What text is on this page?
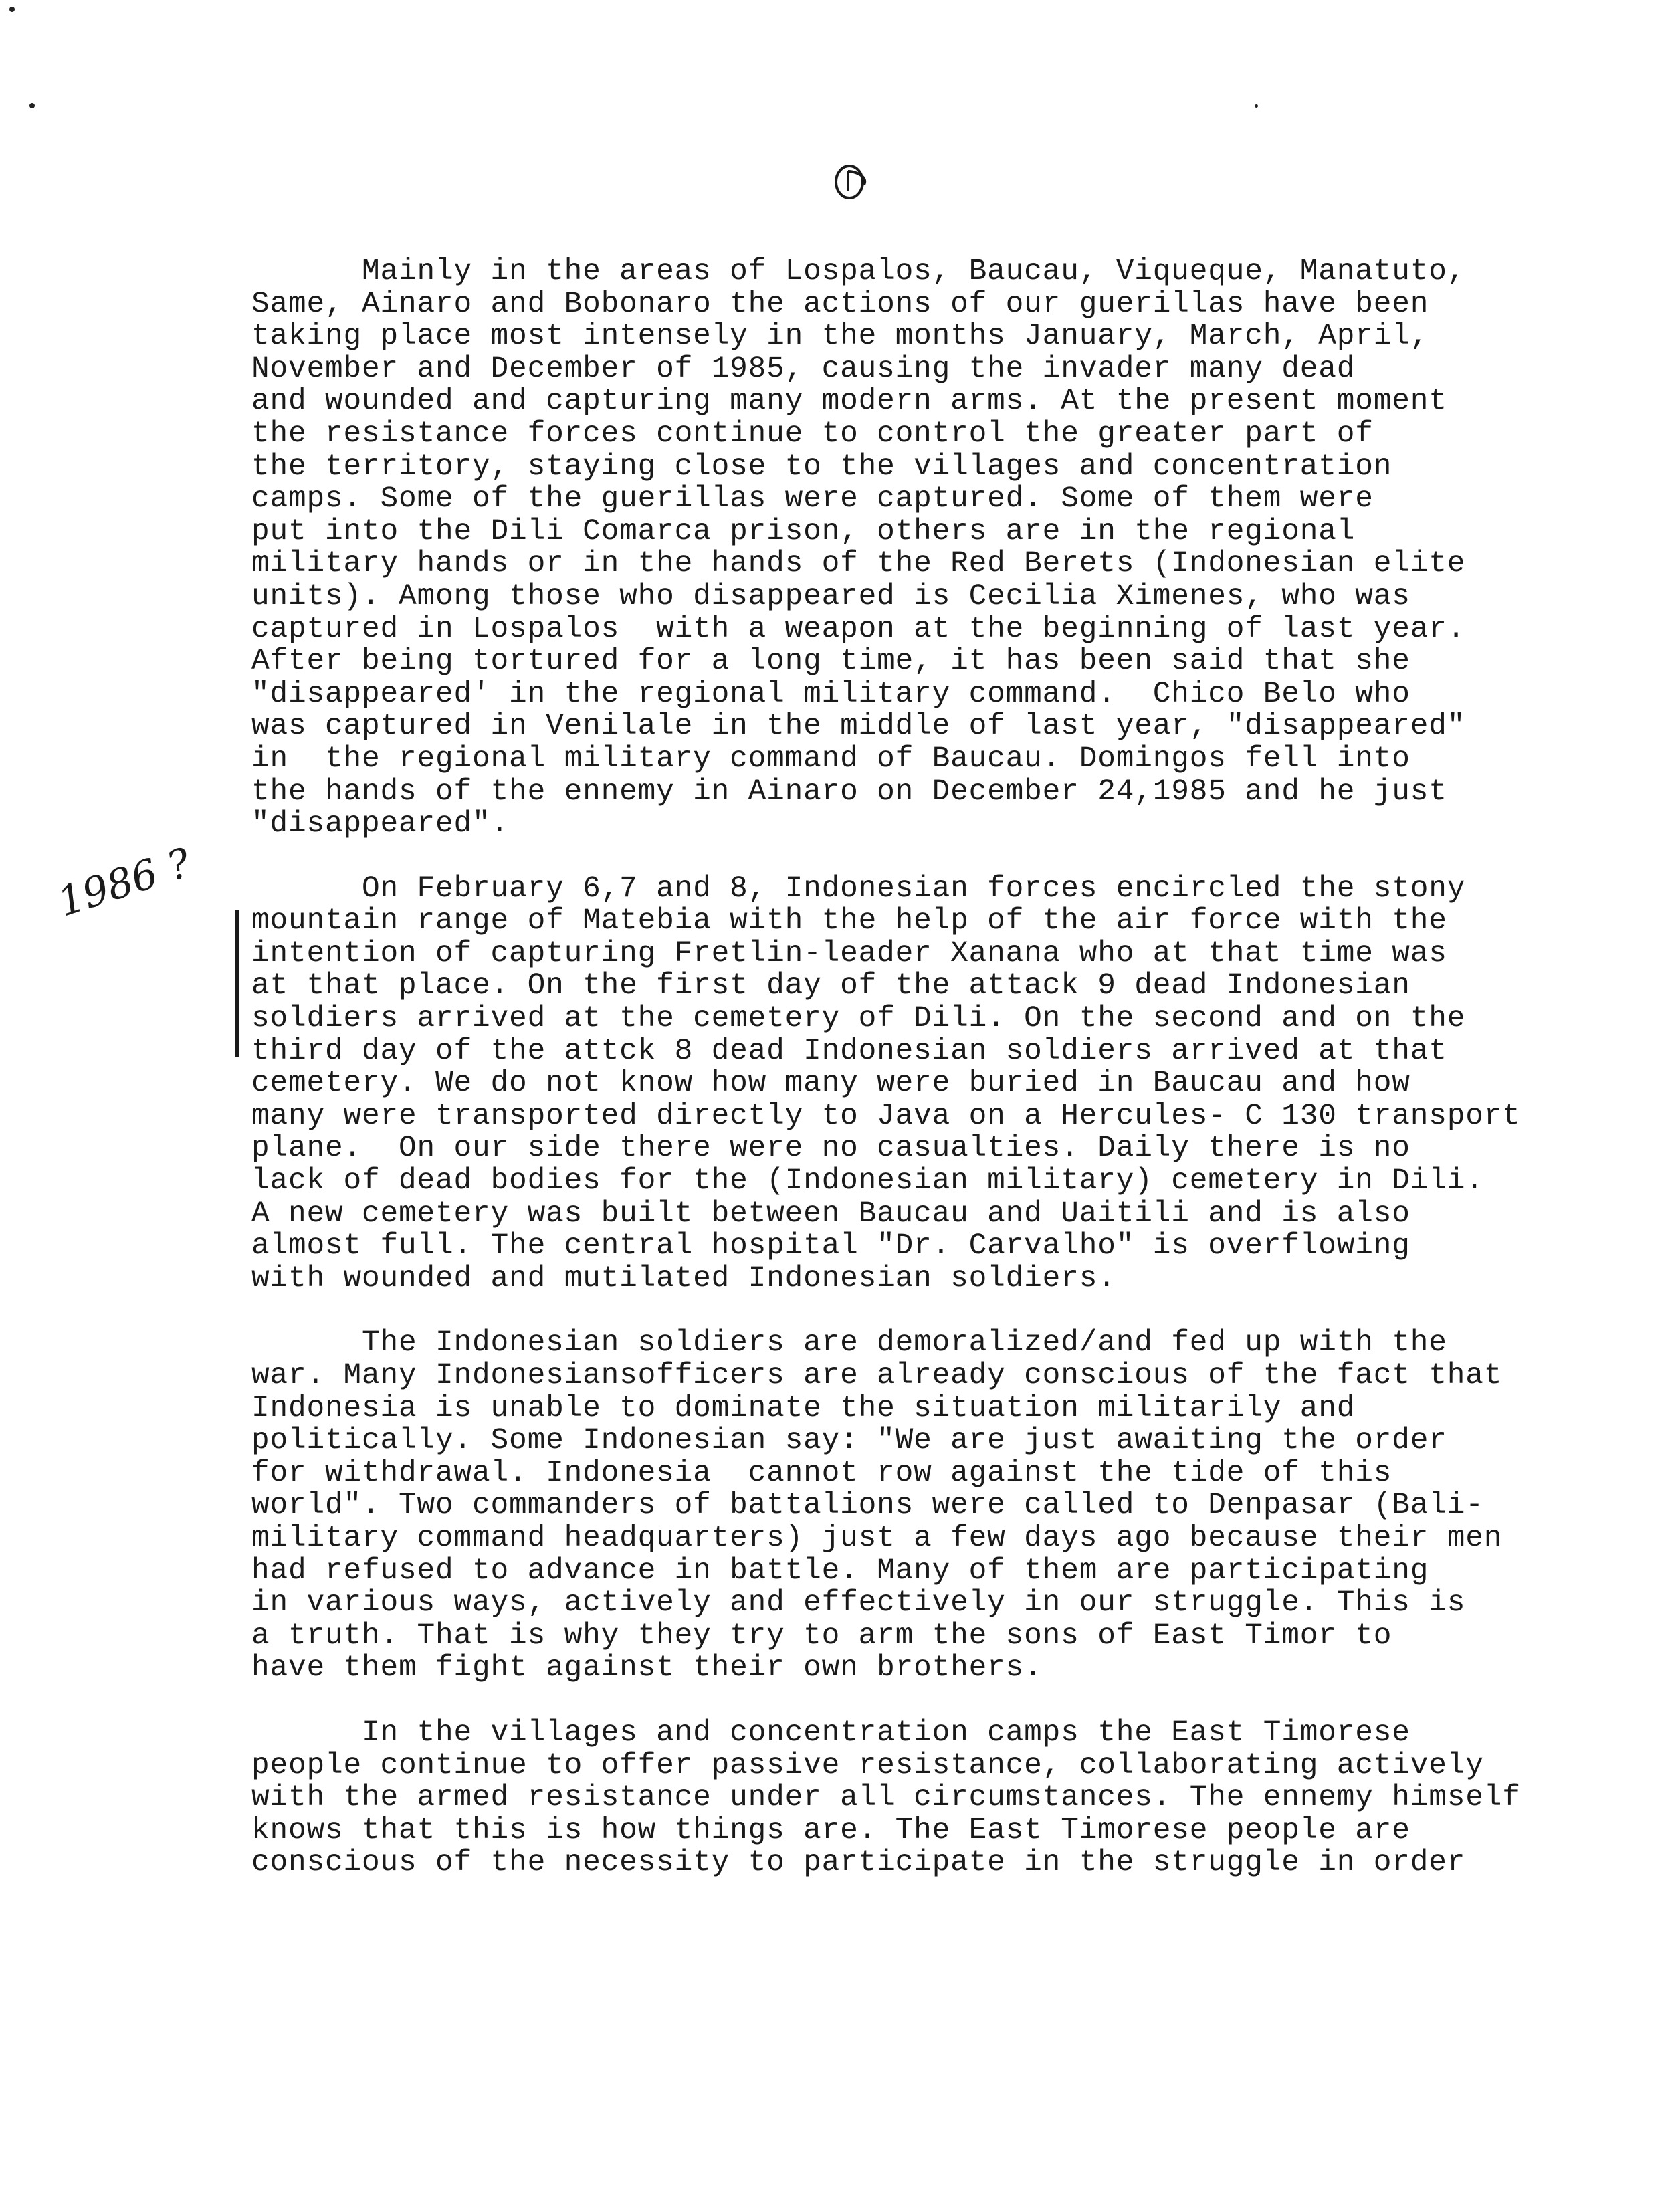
1986 ?
Mainly in the areas of Lospalos, Baucau, Viqueque, Manatuto,
Same, Ainaro and Bobonaro the actions of our guerillas have been
taking place most intensely in the months January, March, April,
November and December of 1985, causing the invader many dead
and wounded and capturing many modern arms. At the present moment
the resistance forces continue to control the greater part of
the territory, staying close to the villages and concentration
camps. Some of the guerillas were captured. Some of them were
put into the Dili Comarca prison, others are in the regional
military hands or in the hands of the Red Berets (Indonesian elite
units). Among those who disappeared is Cecilia Ximenes, who was
captured in Lospalos  with a weapon at the beginning of last year.
After being tortured for a long time, it has been said that she
"disappeared' in the regional military command.  Chico Belo who
was captured in Venilale in the middle of last year, "disappeared"
in  the regional military command of Baucau. Domingos fell into
the hands of the ennemy in Ainaro on December 24,1985 and he just
"disappeared".
On February 6,7 and 8, Indonesian forces encircled the stony
mountain range of Matebia with the help of the air force with the
intention of capturing Fretlin-leader Xanana who at that time was
at that place. On the first day of the attack 9 dead Indonesian
soldiers arrived at the cemetery of Dili. On the second and on the
third day of the attck 8 dead Indonesian soldiers arrived at that
cemetery. We do not know how many were buried in Baucau and how
many were transported directly to Java on a Hercules- C 130 transport
plane.  On our side there were no casualties. Daily there is no
lack of dead bodies for the (Indonesian military) cemetery in Dili.
A new cemetery was built between Baucau and Uaitili and is also
almost full. The central hospital "Dr. Carvalho" is overflowing
with wounded and mutilated Indonesian soldiers.
The Indonesian soldiers are demoralized/and fed up with the
war. Many Indonesiansofficers are already conscious of the fact that
Indonesia is unable to dominate the situation militarily and
politically. Some Indonesian say: "We are just awaiting the order
for withdrawal. Indonesia  cannot row against the tide of this
world". Two commanders of battalions were called to Denpasar (Bali-
military command headquarters) just a few days ago because their men
had refused to advance in battle. Many of them are participating
in various ways, actively and effectively in our struggle. This is
a truth. That is why they try to arm the sons of East Timor to
have them fight against their own brothers.
In the villages and concentration camps the East Timorese
people continue to offer passive resistance, collaborating actively
with the armed resistance under all circumstances. The ennemy himself
knows that this is how things are. The East Timorese people are
conscious of the necessity to participate in the struggle in order
